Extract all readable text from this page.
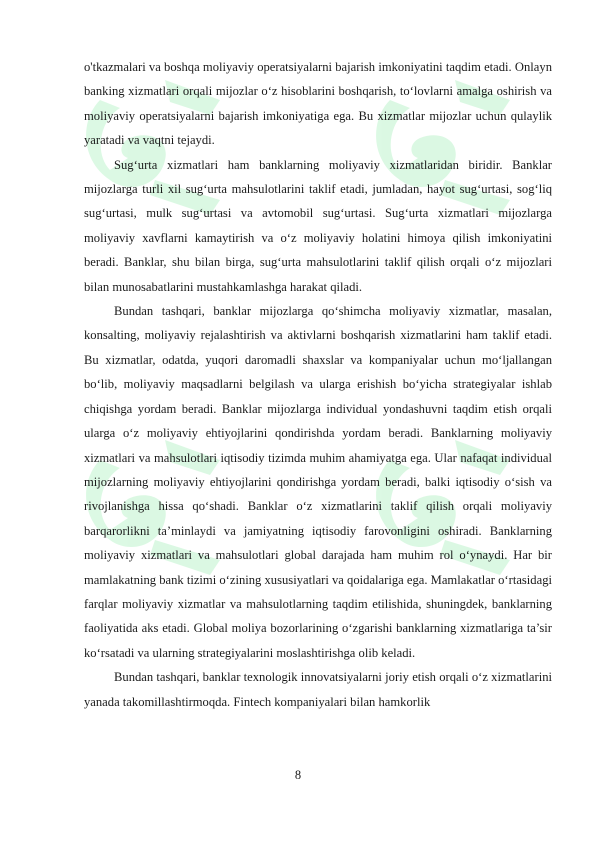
o'tkazmalari va boshqa moliyaviy operatsiyalarni bajarish imkoniyatini taqdim etadi. Onlayn banking xizmatlari orqali mijozlar o‘z hisoblarini boshqarish, to‘lovlarni amalga oshirish va moliyaviy operatsiyalarni bajarish imkoniyatiga ega. Bu xizmatlar mijozlar uchun qulaylik yaratadi va vaqtni tejaydi.

Sug‘urta xizmatlari ham banklarning moliyaviy xizmatlaridan biridir. Banklar mijozlarga turli xil sug‘urta mahsulotlarini taklif etadi, jumladan, hayot sug‘urtasi, sog‘liq sug‘urtasi, mulk sug‘urtasi va avtomobil sug‘urtasi. Sug‘urta xizmatlari mijozlarga moliyaviy xavflarni kamaytirish va o‘z moliyaviy holatini himoya qilish imkoniyatini beradi. Banklar, shu bilan birga, sug‘urta mahsulotlarini taklif qilish orqali o‘z mijozlari bilan munosabatlarini mustahkamlashga harakat qiladi.

Bundan tashqari, banklar mijozlarga qo‘shimcha moliyaviy xizmatlar, masalan, konsalting, moliyaviy rejalashtirish va aktivlarni boshqarish xizmatlarini ham taklif etadi. Bu xizmatlar, odatda, yuqori daromadli shaxslar va kompaniyalar uchun mo‘ljallangan bo‘lib, moliyaviy maqsadlarni belgilash va ularga erishish bo‘yicha strategiyalar ishlab chiqishga yordam beradi. Banklar mijozlarga individual yondashuvni taqdim etish orqali ularga o‘z moliyaviy ehtiyojlarini qondirishda yordam beradi. Banklarning moliyaviy xizmatlari va mahsulotlari iqtisodiy tizimda muhim ahamiyatga ega. Ular nafaqat individual mijozlarning moliyaviy ehtiyojlarini qondirishga yordam beradi, balki iqtisodiy o‘sish va rivojlanishga hissa qo‘shadi. Banklar o‘z xizmatlarini taklif qilish orqali moliyaviy barqarorlikni ta’minlaydi va jamiyatning iqtisodiy farovonligini oshiradi. Banklarning moliyaviy xizmatlari va mahsulotlari global darajada ham muhim rol o‘ynaydi. Har bir mamlakatning bank tizimi o‘zining xususiyatlari va qoidalariga ega. Mamlakatlar o‘rtasidagi farqlar moliyaviy xizmatlar va mahsulotlarning taqdim etilishida, shuningdek, banklarning faoliyatida aks etadi. Global moliya bozorlarining o‘zgarishi banklarning xizmatlariga ta’sir ko‘rsatadi va ularning strategiyalarini moslashtirishga olib keladi.

Bundan tashqari, banklar texnologik innovatsiyalarni joriy etish orqali o‘z xizmatlarini yanada takomillashtirmoqda. Fintech kompaniyalari bilan hamkorlik

8
